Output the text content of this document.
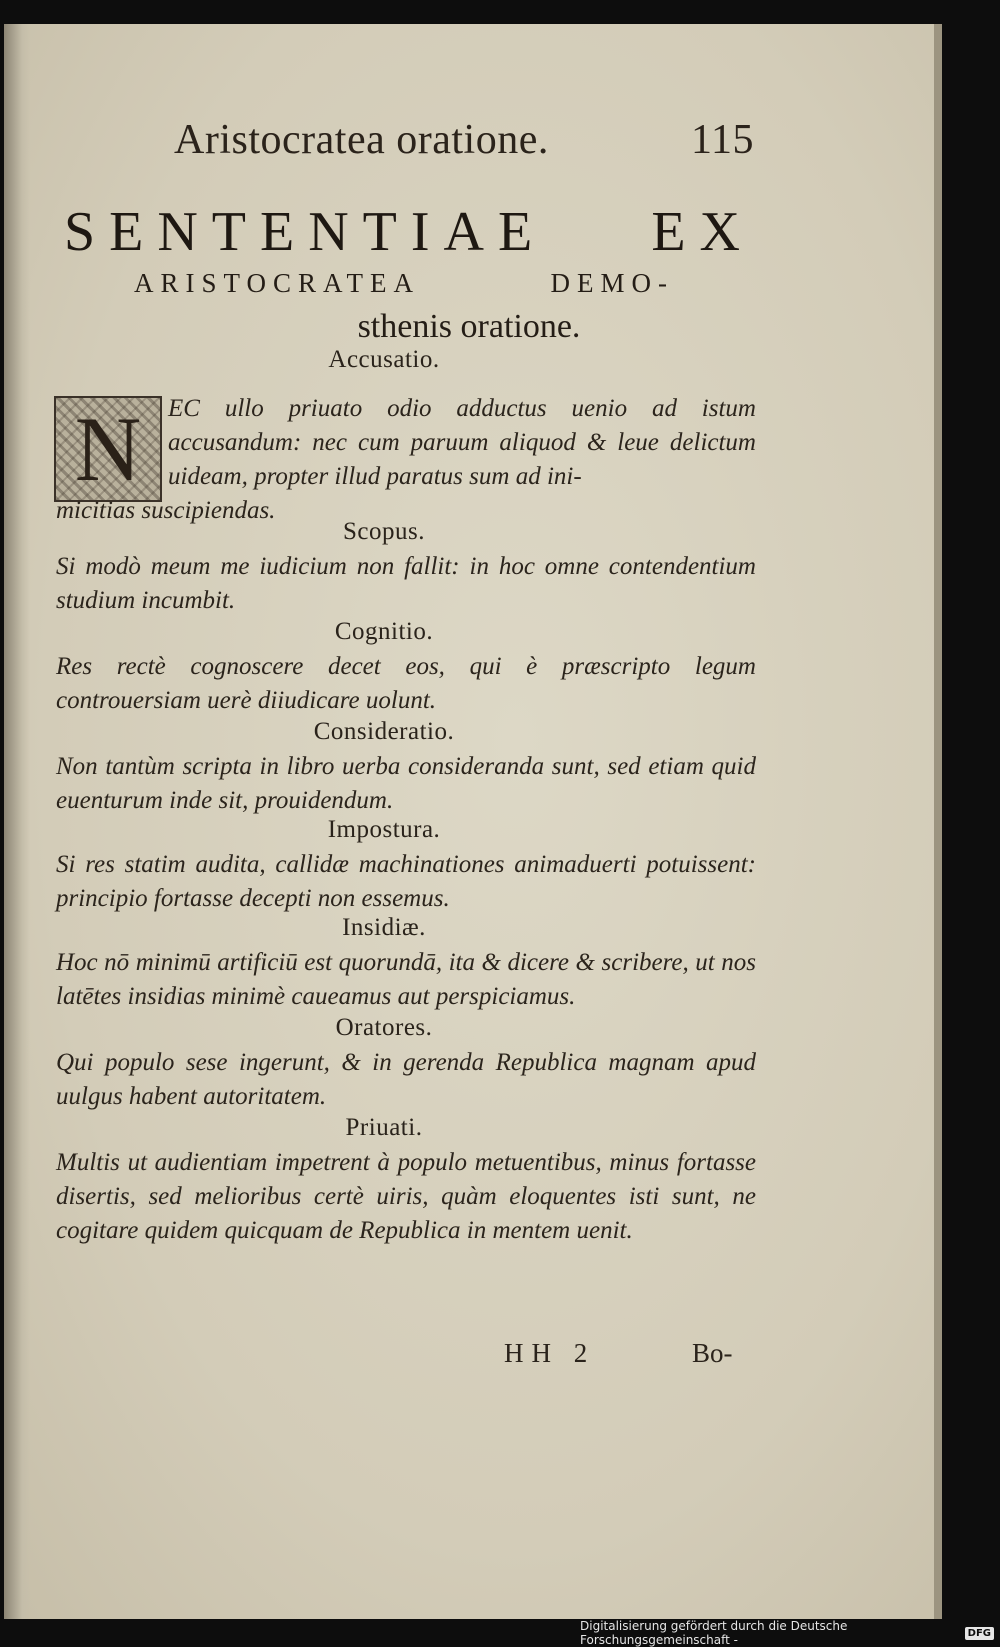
Aristocratea oratione.	115
SENTENTIAE EX
ARISTOCRATEA	DEMO-
sthenis oratione.
Accusatio.
N	EC ullo priuato odio adductus uenio ad istum accusandum: nec cum paruum aliquod & leue delictum uideam, propter illud paratus sum ad ini-

micitias suscipiendas.

Scopus.

Si modò meum me iudicium non fallit: in hoc omne contendentium studium incumbit.

Cognitio.

Res rectè cognoscere decet eos, qui è præscripto legum controuersiam uerè diiudicare uolunt.

Consideratio.

Non tantùm scripta in libro uerba consideranda sunt, sed etiam quid euenturum inde sit, prouidendum.

Impostura.

Si res statim audita, callidæ machinationes animaduerti potuissent: principio fortasse decepti non essemus.

Insidiæ.

Hoc nō minimū artificiū est quorundā, ita & dicere & scribere, ut nos latētes insidias minimè caueamus aut perspiciamus.

Oratores.

Qui populo sese ingerunt, & in gerenda Republica magnam apud uulgus habent autoritatem.

Priuati.

Multis ut audientiam impetrent à populo metuentibus, minus fortasse disertis, sed melioribus certè uiris, quàm eloquentes isti sunt, ne cogitare quidem quicquam de Republica in mentem uenit.

HH 2	Bo-
Digitalisierung gefördert durch die Deutsche Forschungsgemeinschaft -	DFG
